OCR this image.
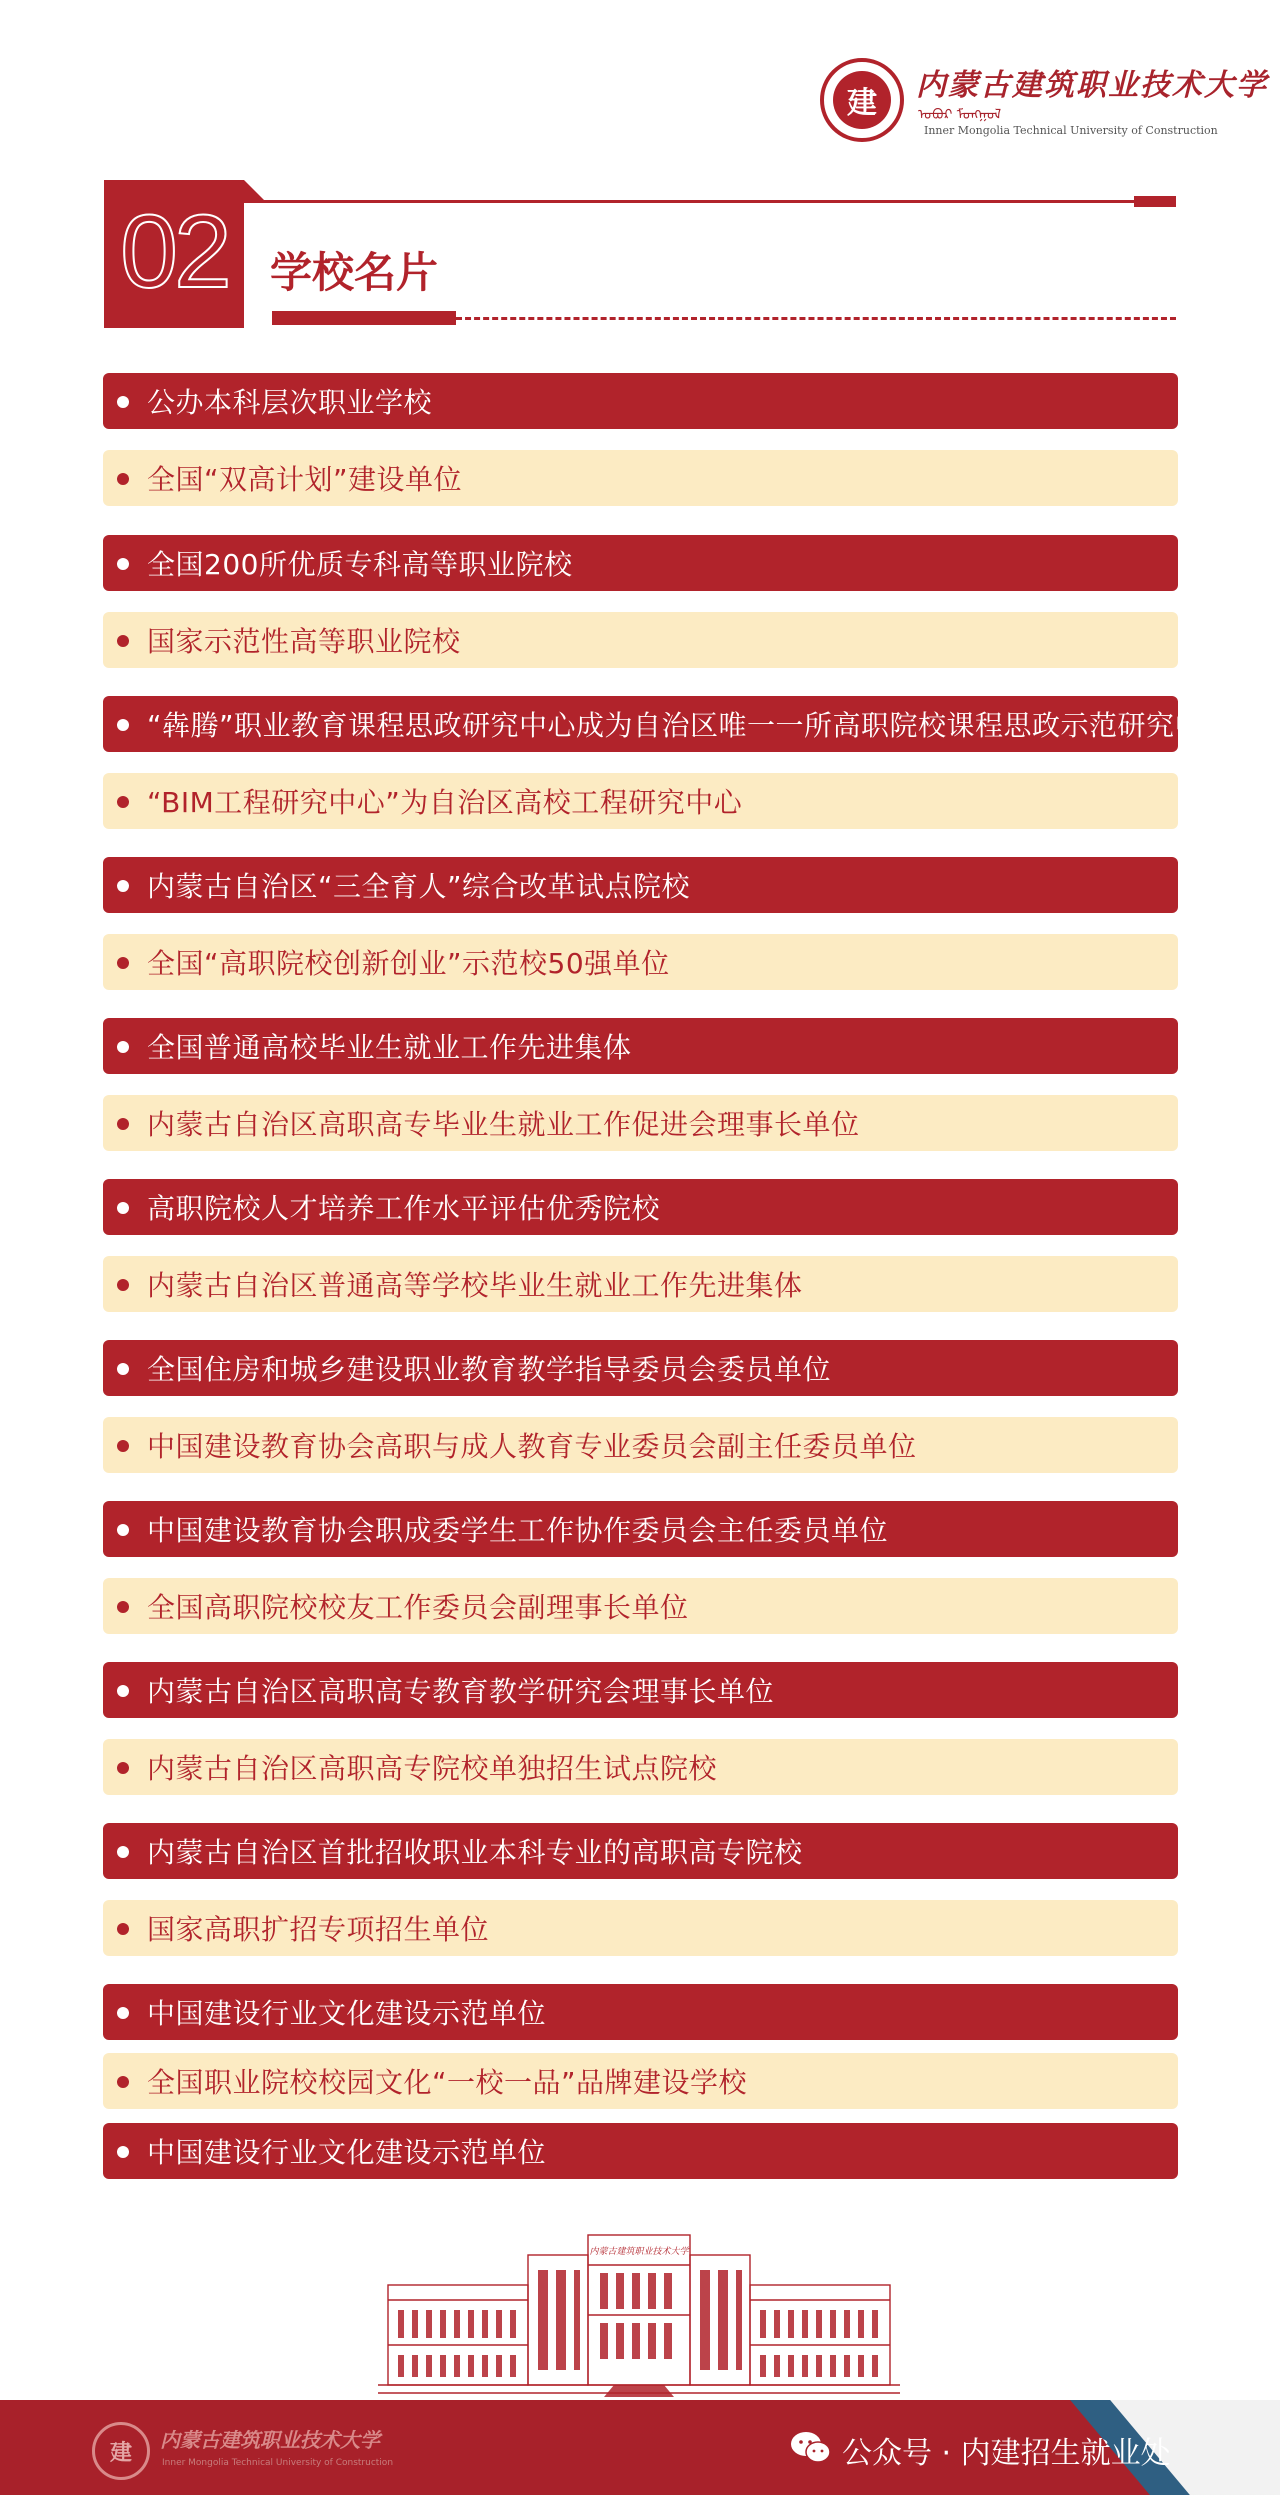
建
内蒙古建筑职业技术大学
ᠣᠪᠤᠷ ᠮᠣᠩᠭᠣᠯ
Inner Mongolia Technical University of Construction
02	学校名片
公办本科层次职业学校
全国“双高计划”建设单位
全国200所优质专科高等职业院校
国家示范性高等职业院校
“犇腾”职业教育课程思政研究中心成为自治区唯一一所高职院校课程思政示范研究中心
“BIM工程研究中心”为自治区高校工程研究中心
内蒙古自治区“三全育人”综合改革试点院校
全国“高职院校创新创业”示范校50强单位
全国普通高校毕业生就业工作先进集体
内蒙古自治区高职高专毕业生就业工作促进会理事长单位
高职院校人才培养工作水平评估优秀院校
内蒙古自治区普通高等学校毕业生就业工作先进集体
全国住房和城乡建设职业教育教学指导委员会委员单位
中国建设教育协会高职与成人教育专业委员会副主任委员单位
中国建设教育协会职成委学生工作协作委员会主任委员单位
全国高职院校校友工作委员会副理事长单位
内蒙古自治区高职高专教育教学研究会理事长单位
内蒙古自治区高职高专院校单独招生试点院校
内蒙古自治区首批招收职业本科专业的高职高专院校
国家高职扩招专项招生单位
中国建设行业文化建设示范单位
全国职业院校校园文化“一校一品”品牌建设学校
中国建设行业文化建设示范单位
内蒙古建筑职业技术大学
建
内蒙古建筑职业技术大学
Inner Mongolia Technical University of Construction	公众号 · 内建招生就业处
